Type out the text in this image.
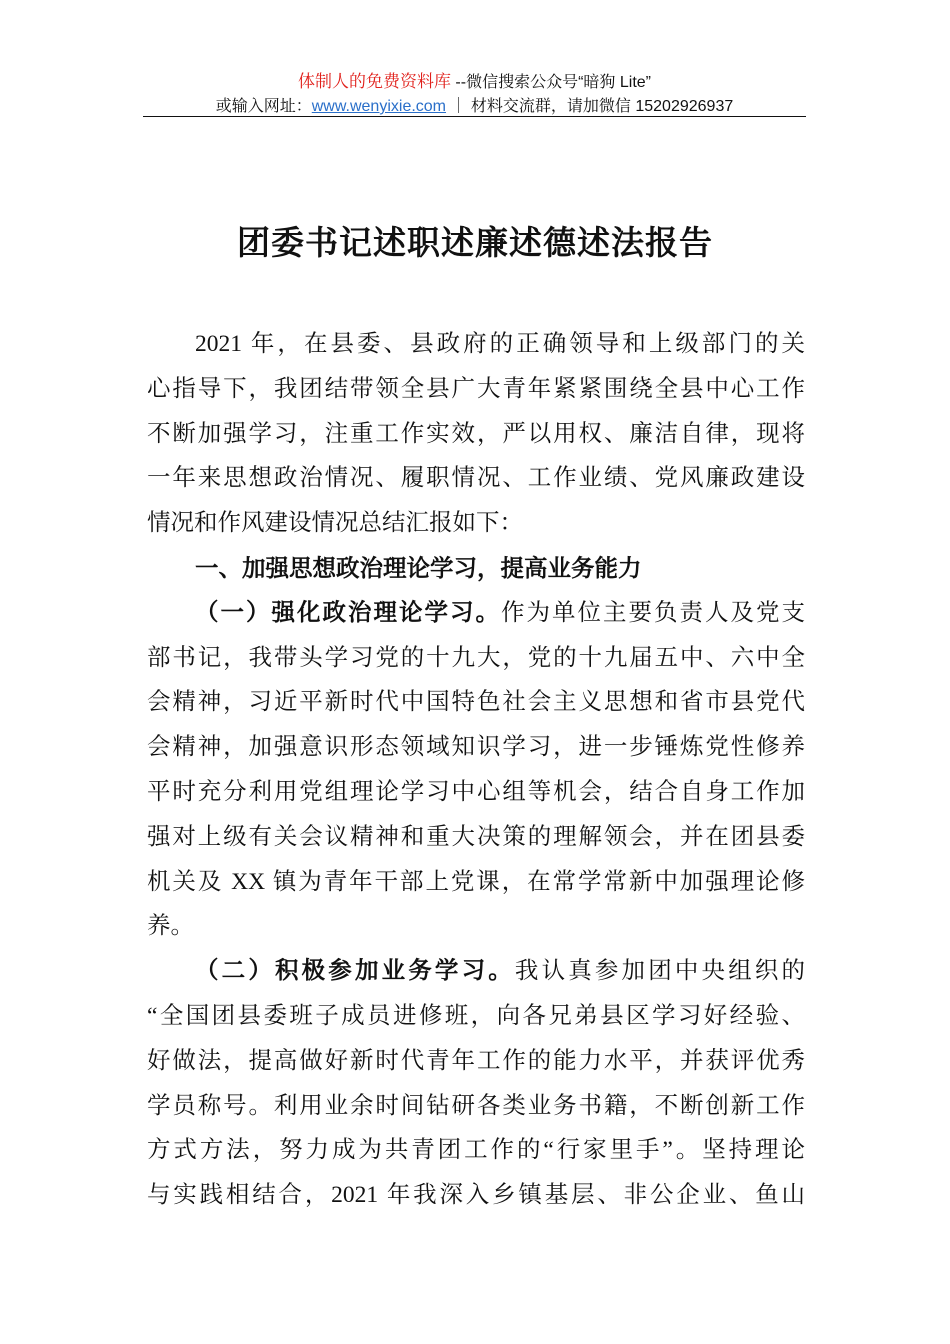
体制人的免费资料库 --微信搜索公众号“暗狗 Lite”
或输入网址：www.wenyixie.com ｜ 材料交流群，请加微信 15202926937
团委书记述职述廉述德述法报告
2021 年，在县委、县政府的正确领导和上级部门的关
心指导下，我团结带领全县广大青年紧紧围绕全县中心工作
不断加强学习，注重工作实效，严以用权、廉洁自律，现将
一年来思想政治情况、履职情况、工作业绩、党风廉政建设
情况和作风建设情况总结汇报如下：
一、加强思想政治理论学习，提高业务能力
（一）强化政治理论学习。作为单位主要负责人及党支
部书记，我带头学习党的十九大，党的十九届五中、六中全
会精神，习近平新时代中国特色社会主义思想和省市县党代
会精神，加强意识形态领域知识学习，进一步锤炼党性修养
平时充分利用党组理论学习中心组等机会，结合自身工作加
强对上级有关会议精神和重大决策的理解领会，并在团县委
机关及 XX 镇为青年干部上党课，在常学常新中加强理论修
养。
（二）积极参加业务学习。我认真参加团中央组织的
“全国团县委班子成员进修班，向各兄弟县区学习好经验、
好做法，提高做好新时代青年工作的能力水平，并获评优秀
学员称号。利用业余时间钻研各类业务书籍，不断创新工作
方式方法，努力成为共青团工作的“行家里手”。坚持理论
与实践相结合，2021 年我深入乡镇基层、非公企业、鱼山
